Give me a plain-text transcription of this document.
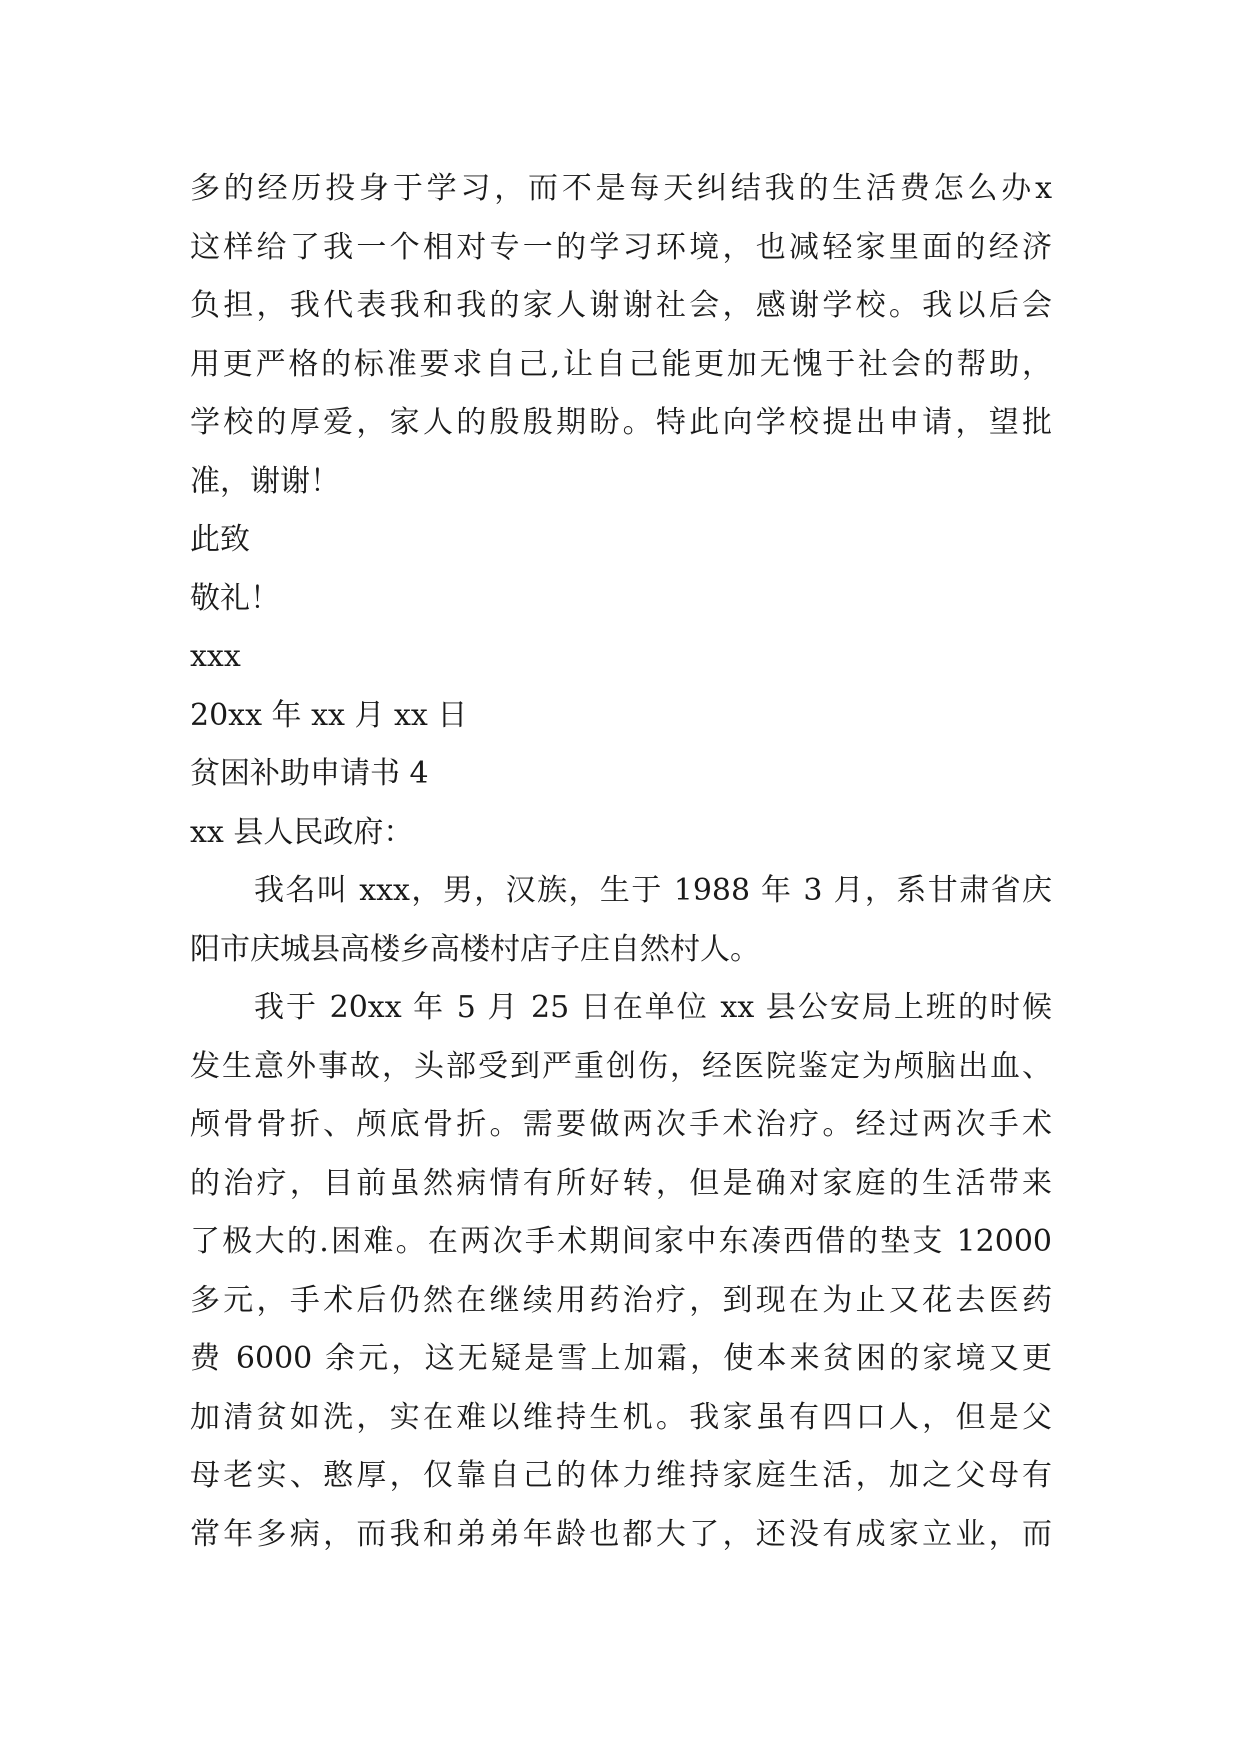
多的经历投身于学习，而不是每天纠结我的生活费怎么办x
这样给了我一个相对专一的学习环境，也减轻家里面的经济
负担，我代表我和我的家人谢谢社会，感谢学校。我以后会
用更严格的标准要求自己,让自己能更加无愧于社会的帮助，
学校的厚爱，家人的殷殷期盼。特此向学校提出申请，望批
准，谢谢！
此致
敬礼！
xxx
20xx 年 xx 月 xx 日
贫困补助申请书 4
xx 县人民政府：
我名叫 xxx，男，汉族，生于 1988 年 3 月，系甘肃省庆
阳市庆城县高楼乡高楼村店子庄自然村人。
我于 20xx 年 5 月 25 日在单位 xx 县公安局上班的时候
发生意外事故，头部受到严重创伤，经医院鉴定为颅脑出血、
颅骨骨折、颅底骨折。需要做两次手术治疗。经过两次手术
的治疗，目前虽然病情有所好转，但是确对家庭的生活带来
了极大的.困难。在两次手术期间家中东凑西借的垫支 12000
多元，手术后仍然在继续用药治疗，到现在为止又花去医药
费 6000 余元，这无疑是雪上加霜，使本来贫困的家境又更
加清贫如洗，实在难以维持生机。我家虽有四口人，但是父
母老实、憨厚，仅靠自己的体力维持家庭生活，加之父母有
常年多病，而我和弟弟年龄也都大了，还没有成家立业，而
